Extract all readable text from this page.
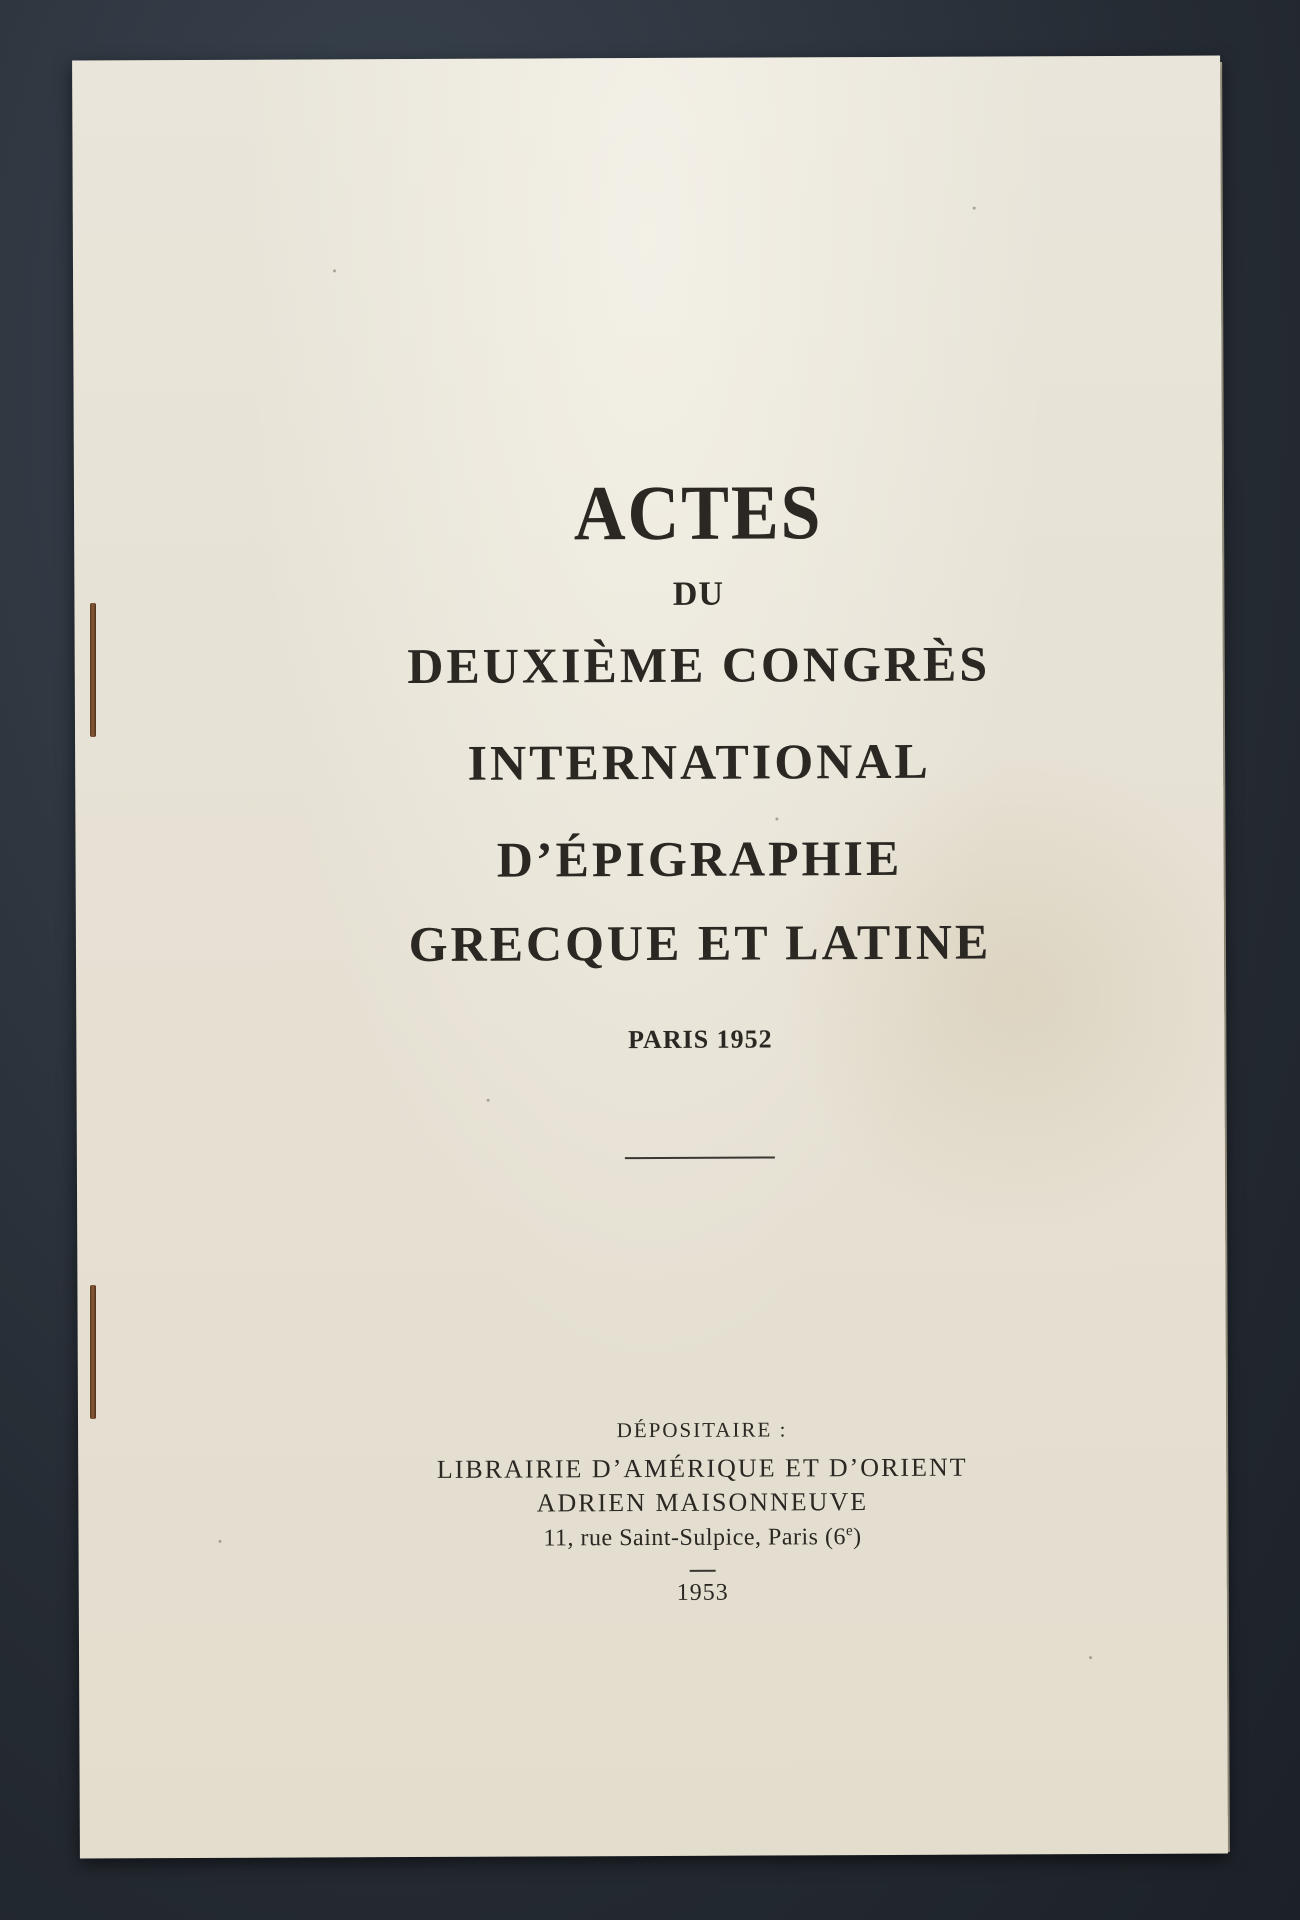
ACTES
DU
DEUXIÈME CONGRÈS
INTERNATIONAL
D’ÉPIGRAPHIE
GRECQUE ET LATINE
PARIS 1952
DÉPOSITAIRE :
LIBRAIRIE D’AMÉRIQUE ET D’ORIENT
ADRIEN MAISONNEUVE
11, rue Saint-Sulpice, Paris (6e)
1953
